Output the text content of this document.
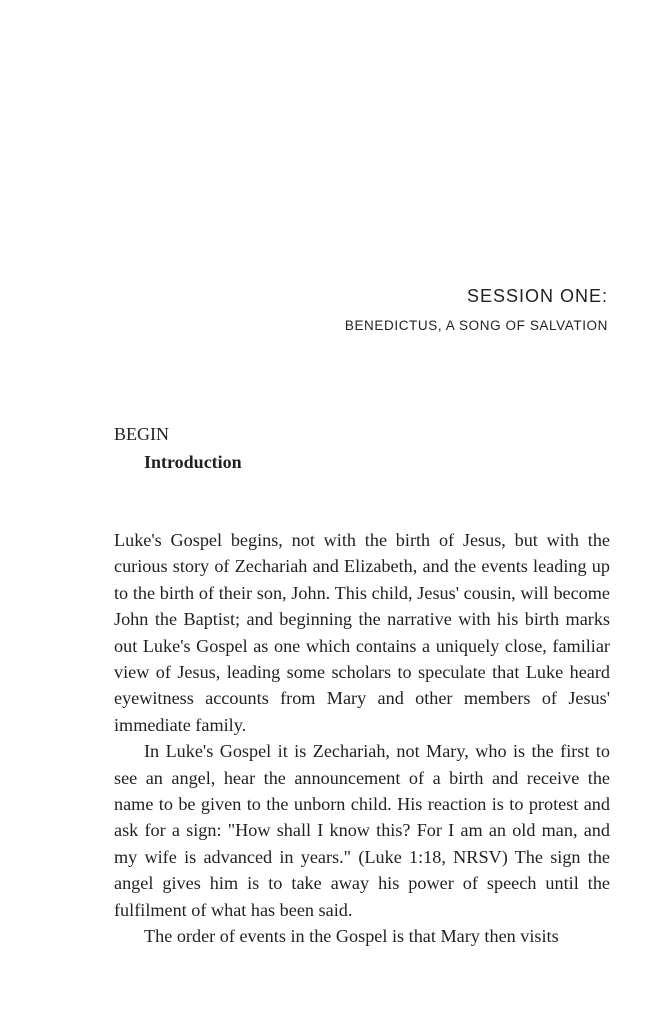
SESSION ONE:
BENEDICTUS, A SONG OF SALVATION
BEGIN
Introduction

Luke's Gospel begins, not with the birth of Jesus, but with the curious story of Zechariah and Elizabeth, and the events leading up to the birth of their son, John. This child, Jesus' cousin, will become John the Baptist; and beginning the narrative with his birth marks out Luke's Gospel as one which contains a uniquely close, familiar view of Jesus, leading some scholars to speculate that Luke heard eyewitness accounts from Mary and other members of Jesus' immediate family.

In Luke's Gospel it is Zechariah, not Mary, who is the first to see an angel, hear the announcement of a birth and receive the name to be given to the unborn child. His reaction is to protest and ask for a sign: "How shall I know this? For I am an old man, and my wife is advanced in years." (Luke 1:18, NRSV) The sign the angel gives him is to take away his power of speech until the fulfilment of what has been said.

The order of events in the Gospel is that Mary then visits
